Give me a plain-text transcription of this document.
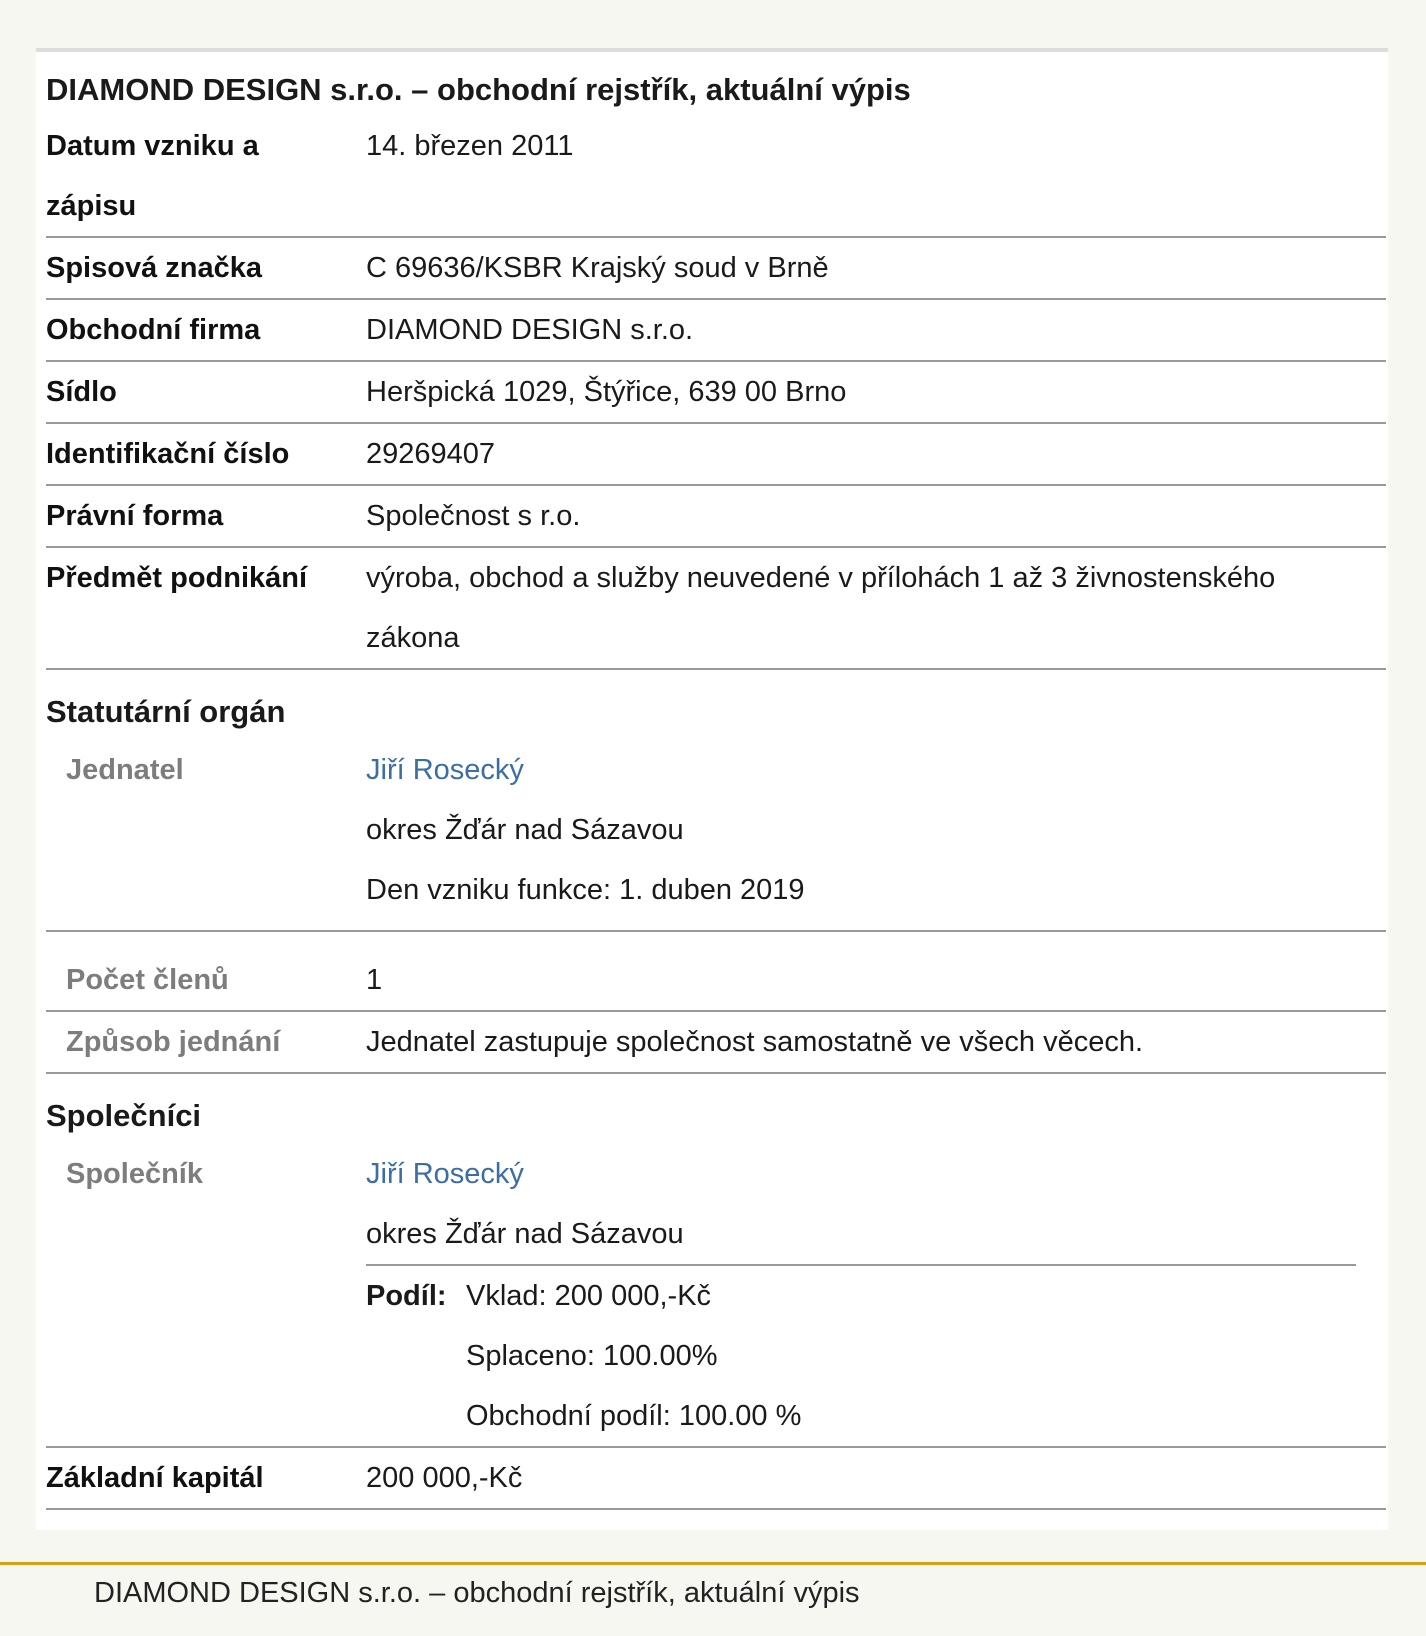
DIAMOND DESIGN s.r.o. – obchodní rejstřík, aktuální výpis
Datum vzniku a zápisu
14. březen 2011
Spisová značka	C 69636/KSBR Krajský soud v Brně
Obchodní firma	DIAMOND DESIGN s.r.o.
Sídlo	Heršpická 1029, Štýřice, 639 00 Brno
Identifikační číslo	29269407
Právní forma	Společnost s r.o.
Předmět podnikání	výroba, obchod a služby neuvedené v přílohách 1 až 3 živnostenského zákona
Statutární orgán
Jednatel	Jiří Rosecký
okres Žďár nad Sázavou
Den vzniku funkce: 1. duben 2019
Počet členů	1
Způsob jednání	Jednatel zastupuje společnost samostatně ve všech věcech.
Společníci
Společník	Jiří Rosecký
okres Žďár nad Sázavou
Podíl: Vklad: 200 000,-Kč
Splaceno: 100.00%
Obchodní podíl: 100.00 %
Základní kapitál	200 000,-Kč
DIAMOND DESIGN s.r.o. – obchodní rejstřík, aktuální výpis
